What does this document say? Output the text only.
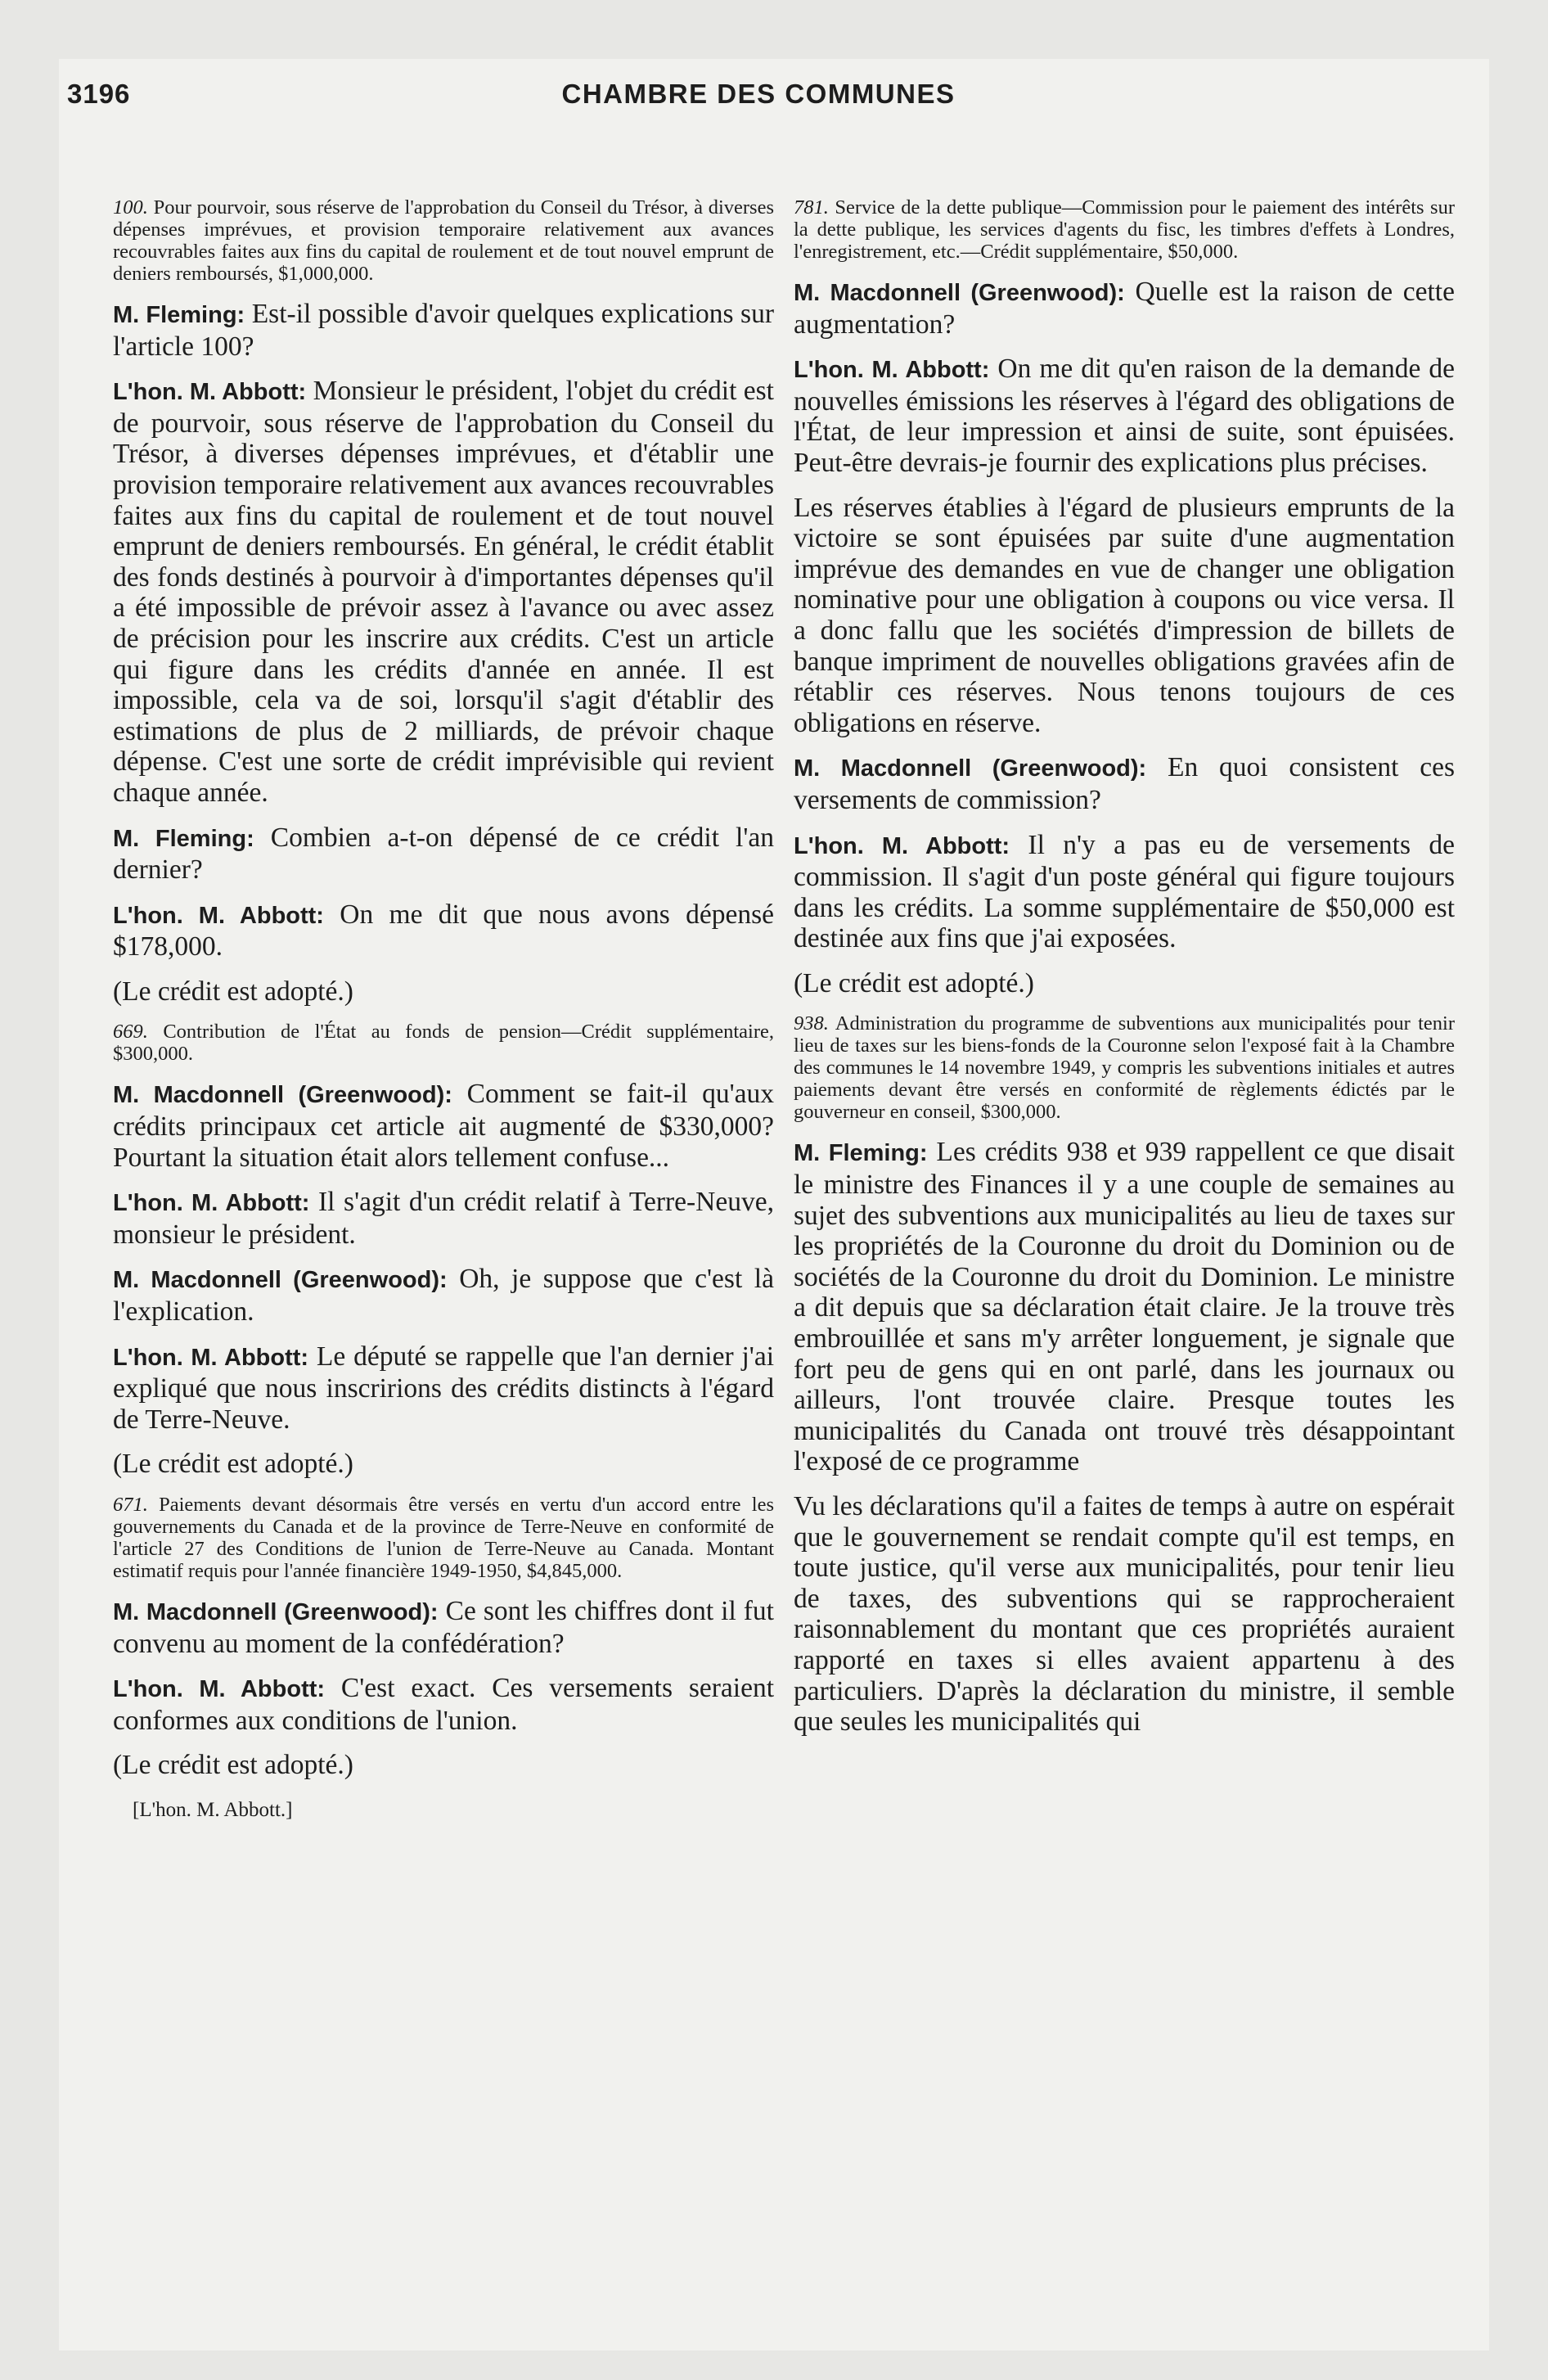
3196	CHAMBRE DES COMMUNES
100. Pour pourvoir, sous réserve de l'approbation du Conseil du Trésor, à diverses dépenses imprévues, et provision temporaire relativement aux avances recouvrables faites aux fins du capital de roulement et de tout nouvel emprunt de deniers remboursés, $1,000,000.

M. Fleming: Est-il possible d'avoir quelques explications sur l'article 100?

L'hon. M. Abbott: Monsieur le président, l'objet du crédit est de pourvoir, sous réserve de l'approbation du Conseil du Trésor, à diverses dépenses imprévues, et d'établir une provision temporaire relativement aux avances recouvrables faites aux fins du capital de roulement et de tout nouvel emprunt de deniers remboursés. En général, le crédit établit des fonds destinés à pourvoir à d'importantes dépenses qu'il a été impossible de prévoir assez à l'avance ou avec assez de précision pour les inscrire aux crédits. C'est un article qui figure dans les crédits d'année en année. Il est impossible, cela va de soi, lorsqu'il s'agit d'établir des estimations de plus de 2 milliards, de prévoir chaque dépense. C'est une sorte de crédit imprévisible qui revient chaque année.

M. Fleming: Combien a-t-on dépensé de ce crédit l'an dernier?

L'hon. M. Abbott: On me dit que nous avons dépensé $178,000.

(Le crédit est adopté.)

669. Contribution de l'État au fonds de pension—Crédit supplémentaire, $300,000.

M. Macdonnell (Greenwood): Comment se fait-il qu'aux crédits principaux cet article ait augmenté de $330,000? Pourtant la situation était alors tellement confuse...

L'hon. M. Abbott: Il s'agit d'un crédit relatif à Terre-Neuve, monsieur le président.

M. Macdonnell (Greenwood): Oh, je suppose que c'est là l'explication.

L'hon. M. Abbott: Le député se rappelle que l'an dernier j'ai expliqué que nous inscririons des crédits distincts à l'égard de Terre-Neuve.

(Le crédit est adopté.)

671. Paiements devant désormais être versés en vertu d'un accord entre les gouvernements du Canada et de la province de Terre-Neuve en conformité de l'article 27 des Conditions de l'union de Terre-Neuve au Canada. Montant estimatif requis pour l'année financière 1949-1950, $4,845,000.

M. Macdonnell (Greenwood): Ce sont les chiffres dont il fut convenu au moment de la confédération?

L'hon. M. Abbott: C'est exact. Ces versements seraient conformes aux conditions de l'union.

(Le crédit est adopté.)

[L'hon. M. Abbott.]
781. Service de la dette publique—Commission pour le paiement des intérêts sur la dette publique, les services d'agents du fisc, les timbres d'effets à Londres, l'enregistrement, etc.—Crédit supplémentaire, $50,000.

M. Macdonnell (Greenwood): Quelle est la raison de cette augmentation?

L'hon. M. Abbott: On me dit qu'en raison de la demande de nouvelles émissions les réserves à l'égard des obligations de l'État, de leur impression et ainsi de suite, sont épuisées. Peut-être devrais-je fournir des explications plus précises.

Les réserves établies à l'égard de plusieurs emprunts de la victoire se sont épuisées par suite d'une augmentation imprévue des demandes en vue de changer une obligation nominative pour une obligation à coupons ou vice versa. Il a donc fallu que les sociétés d'impression de billets de banque impriment de nouvelles obligations gravées afin de rétablir ces réserves. Nous tenons toujours de ces obligations en réserve.

M. Macdonnell (Greenwood): En quoi consistent ces versements de commission?

L'hon. M. Abbott: Il n'y a pas eu de versements de commission. Il s'agit d'un poste général qui figure toujours dans les crédits. La somme supplémentaire de $50,000 est destinée aux fins que j'ai exposées.

(Le crédit est adopté.)

938. Administration du programme de subventions aux municipalités pour tenir lieu de taxes sur les biens-fonds de la Couronne selon l'exposé fait à la Chambre des communes le 14 novembre 1949, y compris les subventions initiales et autres paiements devant être versés en conformité de règlements édictés par le gouverneur en conseil, $300,000.

M. Fleming: Les crédits 938 et 939 rappellent ce que disait le ministre des Finances il y a une couple de semaines au sujet des subventions aux municipalités au lieu de taxes sur les propriétés de la Couronne du droit du Dominion ou de sociétés de la Couronne du droit du Dominion. Le ministre a dit depuis que sa déclaration était claire. Je la trouve très embrouillée et sans m'y arrêter longuement, je signale que fort peu de gens qui en ont parlé, dans les journaux ou ailleurs, l'ont trouvée claire. Presque toutes les municipalités du Canada ont trouvé très désappointant l'exposé de ce programme

Vu les déclarations qu'il a faites de temps à autre on espérait que le gouvernement se rendait compte qu'il est temps, en toute justice, qu'il verse aux municipalités, pour tenir lieu de taxes, des subventions qui se rapprocheraient raisonnablement du montant que ces propriétés auraient rapporté en taxes si elles avaient appartenu à des particuliers. D'après la déclaration du ministre, il semble que seules les municipalités qui
